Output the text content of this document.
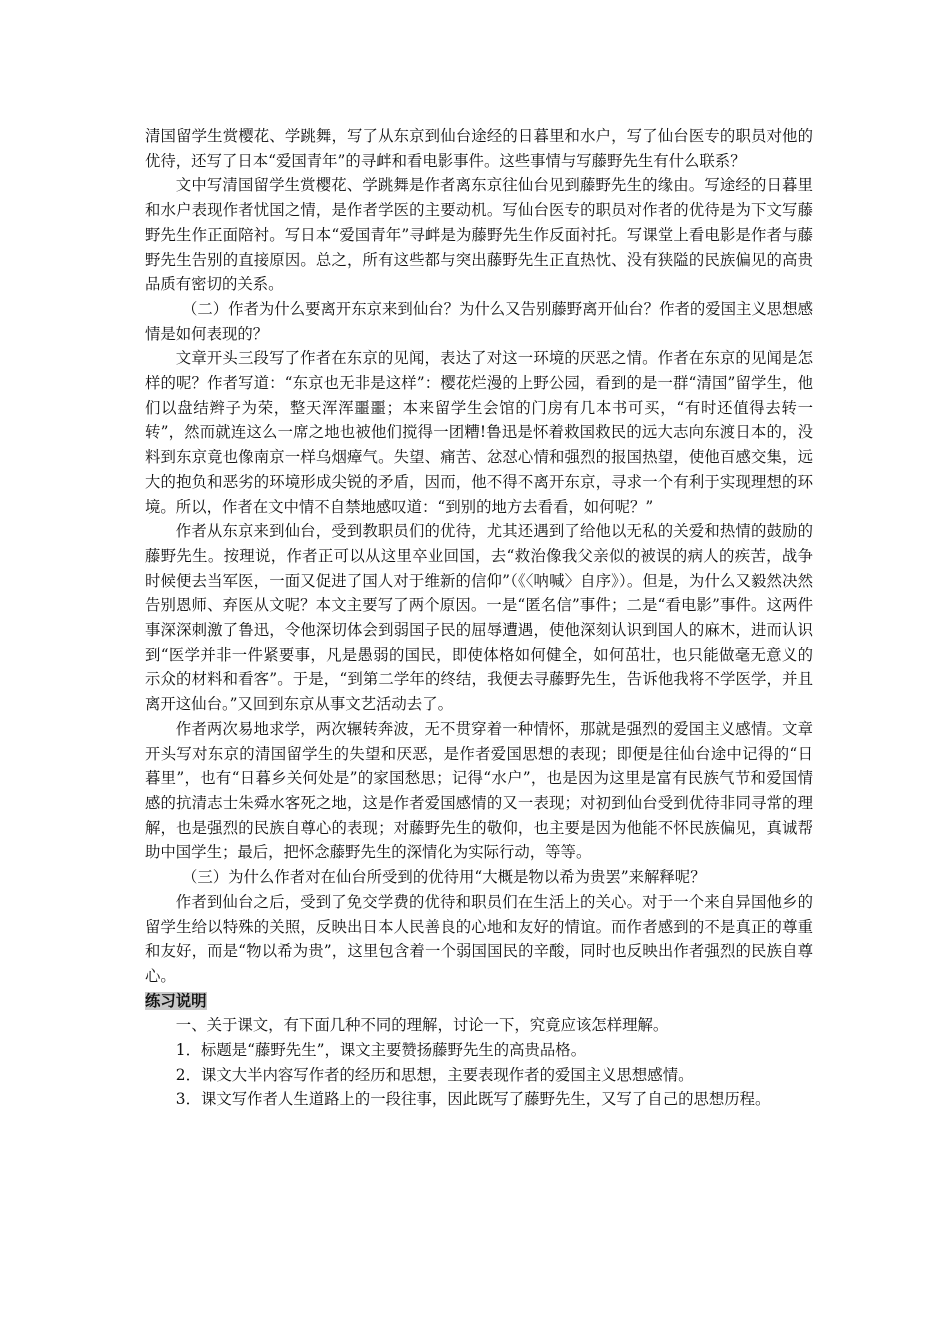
清国留学生赏樱花、学跳舞，写了从东京到仙台途经的日暮里和水户，写了仙台医专的职员对他的优待，还写了日本“爱国青年”的寻衅和看电影事件。这些事情与写藤野先生有什么联系？

文中写清国留学生赏樱花、学跳舞是作者离东京往仙台见到藤野先生的缘由。写途经的日暮里和水户表现作者忧国之情，是作者学医的主要动机。写仙台医专的职员对作者的优待是为下文写藤野先生作正面陪衬。写日本“爱国青年”寻衅是为藤野先生作反面衬托。写课堂上看电影是作者与藤野先生告别的直接原因。总之，所有这些都与突出藤野先生正直热忱、没有狭隘的民族偏见的高贵品质有密切的关系。

（二）作者为什么要离开东京来到仙台？为什么又告别藤野离开仙台？作者的爱国主义思想感情是如何表现的？

文章开头三段写了作者在东京的见闻，表达了对这一环境的厌恶之情。作者在东京的见闻是怎样的呢？作者写道：“东京也无非是这样”：樱花烂漫的上野公园，看到的是一群“清国”留学生，他们以盘结辫子为荣，整天浑浑噩噩；本来留学生会馆的门房有几本书可买，“有时还值得去转一转”，然而就连这么一席之地也被他们搅得一团糟!鲁迅是怀着救国救民的远大志向东渡日本的，没料到东京竟也像南京一样乌烟瘴气。失望、痛苦、忿怼心情和强烈的报国热望，使他百感交集，远大的抱负和恶劣的环境形成尖锐的矛盾，因而，他不得不离开东京，寻求一个有利于实现理想的环境。所以，作者在文中情不自禁地感叹道：“到别的地方去看看，如何呢？”

作者从东京来到仙台，受到教职员们的优待，尤其还遇到了给他以无私的关爱和热情的鼓励的藤野先生。按理说，作者正可以从这里卒业回国，去“救治像我父亲似的被误的病人的疾苦，战争时候便去当军医，一面又促进了国人对于维新的信仰”（《〈呐喊〉自序》）。但是，为什么又毅然决然告别恩师、弃医从文呢？本文主要写了两个原因。一是“匿名信”事件；二是“看电影”事件。这两件事深深刺激了鲁迅，令他深切体会到弱国子民的屈辱遭遇，使他深刻认识到国人的麻木，进而认识到“医学并非一件紧要事，凡是愚弱的国民，即使体格如何健全，如何茁壮，也只能做毫无意义的示众的材料和看客”。于是，“到第二学年的终结，我便去寻藤野先生，告诉他我将不学医学，并且离开这仙台。”又回到东京从事文艺活动去了。

作者两次易地求学，两次辗转奔波，无不贯穿着一种情怀，那就是强烈的爱国主义感情。文章开头写对东京的清国留学生的失望和厌恶，是作者爱国思想的表现；即便是往仙台途中记得的“日暮里”，也有“日暮乡关何处是”的家国愁思；记得“水户”，也是因为这里是富有民族气节和爱国情感的抗清志士朱舜水客死之地，这是作者爱国感情的又一表现；对初到仙台受到优待非同寻常的理解，也是强烈的民族自尊心的表现；对藤野先生的敬仰，也主要是因为他能不怀民族偏见，真诚帮助中国学生；最后，把怀念藤野先生的深情化为实际行动，等等。

（三）为什么作者对在仙台所受到的优待用“大概是物以希为贵罢”来解释呢？

作者到仙台之后，受到了免交学费的优待和职员们在生活上的关心。对于一个来自异国他乡的留学生给以特殊的关照，反映出日本人民善良的心地和友好的情谊。而作者感到的不是真正的尊重和友好，而是“物以希为贵”，这里包含着一个弱国国民的辛酸，同时也反映出作者强烈的民族自尊心。

练习说明

一、关于课文，有下面几种不同的理解，讨论一下，究竟应该怎样理解。

1．标题是“藤野先生”，课文主要赞扬藤野先生的高贵品格。

2．课文大半内容写作者的经历和思想，主要表现作者的爱国主义思想感情。

3．课文写作者人生道路上的一段往事，因此既写了藤野先生，又写了自己的思想历程。
